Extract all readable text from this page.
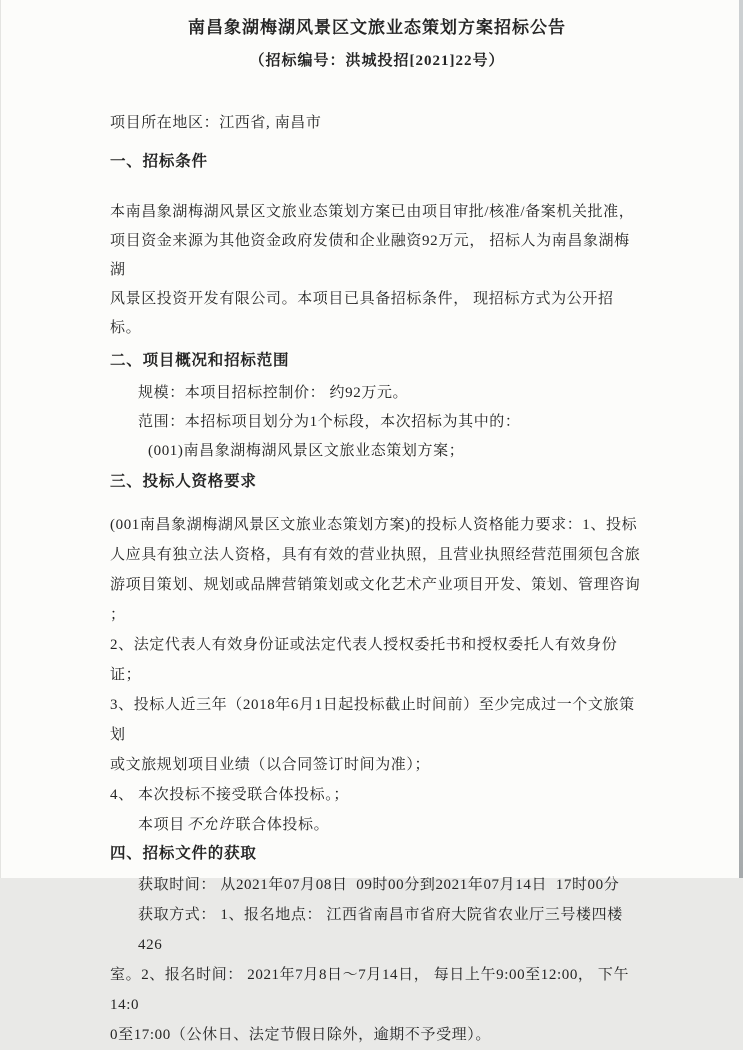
南昌象湖梅湖风景区文旅业态策划方案招标公告
（招标编号：洪城投招[2021]22号）
项目所在地区：江西省, 南昌市
一、招标条件
本南昌象湖梅湖风景区文旅业态策划方案已由项目审批/核准/备案机关批准，
项目资金来源为其他资金政府发债和企业融资92万元， 招标人为南昌象湖梅湖
风景区投资开发有限公司。本项目已具备招标条件， 现招标方式为公开招标。
二、项目概况和招标范围
规模：本项目招标控制价： 约92万元。
范围：本招标项目划分为1个标段，本次招标为其中的：
(001)南昌象湖梅湖风景区文旅业态策划方案；
三、投标人资格要求
(001南昌象湖梅湖风景区文旅业态策划方案)的投标人资格能力要求：1、投标
人应具有独立法人资格，具有有效的营业执照，且营业执照经营范围须包含旅
游项目策划、规划或品牌营销策划或文化艺术产业项目开发、策划、管理咨询
；
2、法定代表人有效身份证或法定代表人授权委托书和授权委托人有效身份证；
3、投标人近三年（2018年6月1日起投标截止时间前）至少完成过一个文旅策划
或文旅规划项目业绩（以合同签订时间为准）；
4、 本次投标不接受联合体投标。；
本项目 不允许 联合体投标。
四、招标文件的获取
获取时间： 从2021年07月08日  09时00分到2021年07月14日  17时00分
获取方式： 1、报名地点： 江西省南昌市省府大院省农业厅三号楼四楼426
室。2、报名时间： 2021年7月8日～7月14日， 每日上午9:00至12:00， 下午14:0
0至17:00（公休日、法定节假日除外，逾期不予受理）。
